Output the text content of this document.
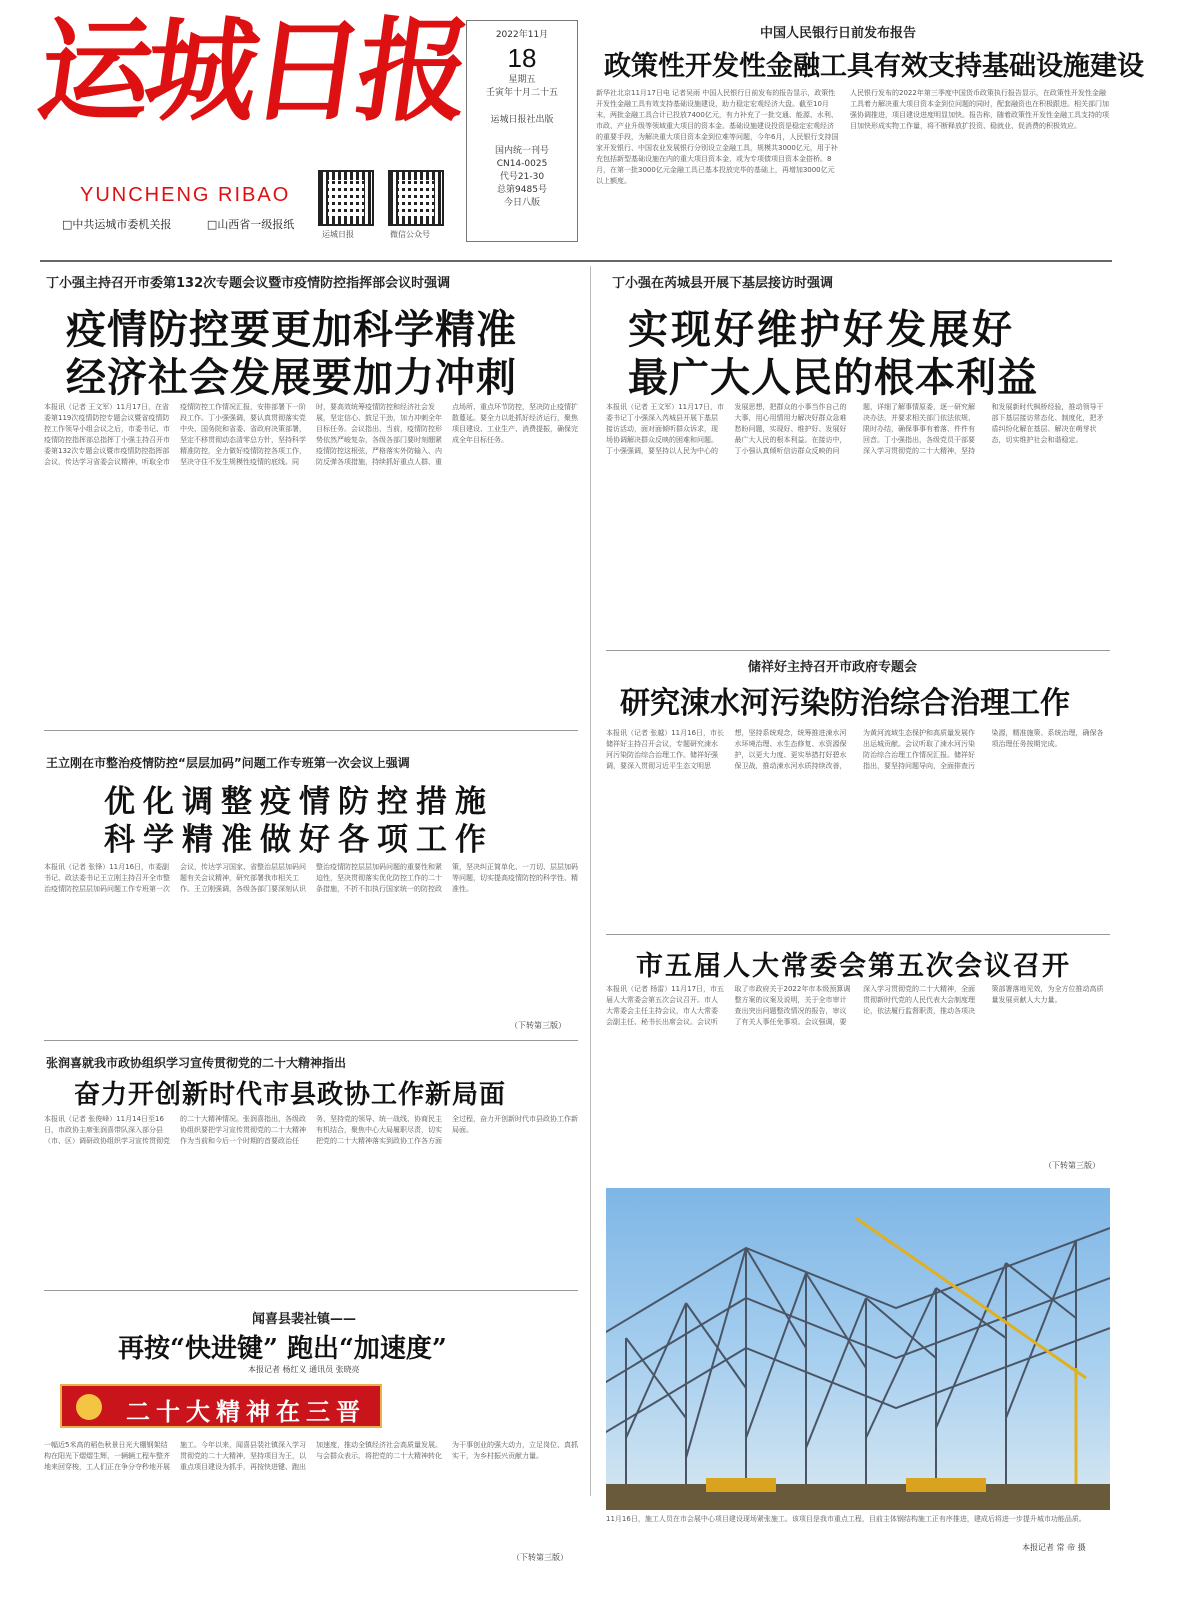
运城日报
YUNCHENG RIBAO
□中共运城市委机关报	□山西省一级报纸
运城日报	微信公众号
2022年11月
18
星期五
壬寅年十月二十五
运城日报社出版
国内统一刊号
CN14-0025
代号21-30
总第9485号
今日八版
中国人民银行日前发布报告
政策性开发性金融工具有效支持基础设施建设
新华社北京11月17日电 记者吴雨 中国人民银行日前发布的报告显示，政策性开发性金融工具有效支持基础设施建设，助力稳定宏观经济大盘。截至10月末，两批金融工具合计已投放7400亿元，有力补充了一批交通、能源、水利、市政、产业升级等领域重大项目的资本金。基础设施建设投资是稳定宏观经济的重要手段，为解决重大项目资本金到位难等问题，今年6月，人民银行支持国家开发银行、中国农业发展银行分别设立金融工具，规模共3000亿元，用于补充包括新型基础设施在内的重大项目资本金，或为专项债项目资本金搭桥。8月，在第一批3000亿元金融工具已基本投放完毕的基础上，再增加3000亿元以上额度。
人民银行发布的2022年第三季度中国货币政策执行报告显示，在政策性开发性金融工具着力解决重大项目资本金到位问题的同时，配套融资也在积极跟进。相关部门加强协调推进，项目建设进度明显加快。报告称，随着政策性开发性金融工具支持的项目加快形成实物工作量，将不断释放扩投资、稳就业、促消费的积极效应。
丁小强主持召开市委第132次专题会议暨市疫情防控指挥部会议时强调
疫情防控要更加科学精准
经济社会发展要加力冲刺
本报讯（记者 王文军）11月17日，在省委第119次疫情防控专题会议暨省疫情防控工作领导小组会议之后，市委书记、市疫情防控指挥部总指挥丁小强主持召开市委第132次专题会议暨市疫情防控指挥部会议，传达学习省委会议精神，听取全市疫情防控工作情况汇报，安排部署下一阶段工作。丁小强强调，要认真贯彻落实党中央、国务院和省委、省政府决策部署，坚定不移贯彻动态清零总方针，坚持科学精准防控，全力做好疫情防控各项工作，坚决守住不发生规模性疫情的底线。同时，要高效统筹疫情防控和经济社会发展，坚定信心、鼓足干劲，加力冲刺全年目标任务。会议指出，当前，疫情防控形势依然严峻复杂，各级各部门要时刻绷紧疫情防控这根弦，严格落实外防输入、内防反弹各项措施，持续抓好重点人群、重点场所、重点环节防控，坚决防止疫情扩散蔓延。要全力以赴抓好经济运行，聚焦项目建设、工业生产、消费提振，确保完成全年目标任务。
丁小强在芮城县开展下基层接访时强调
实现好维护好发展好
最广大人民的根本利益
本报讯（记者 王文军）11月17日，市委书记丁小强深入芮城县开展下基层接访活动，面对面倾听群众诉求，现场协调解决群众反映的困难和问题。丁小强强调，要坚持以人民为中心的发展思想，把群众的小事当作自己的大事，用心用情用力解决好群众急难愁盼问题，实现好、维护好、发展好最广大人民的根本利益。在接访中，丁小强认真倾听信访群众反映的问题，详细了解事情原委，逐一研究解决办法，并要求相关部门依法依规、限时办结，确保事事有着落、件件有回音。丁小强指出，各级党员干部要深入学习贯彻党的二十大精神，坚持和发展新时代枫桥经验，推动领导干部下基层接访常态化、制度化，把矛盾纠纷化解在基层、解决在萌芽状态，切实维护社会和谐稳定。
王立刚在市整治疫情防控“层层加码”问题工作专班第一次会议上强调
优化调整疫情防控措施
科学精准做好各项工作
本报讯（记者 张锋）11月16日，市委副书记、政法委书记王立刚主持召开全市整治疫情防控层层加码问题工作专班第一次会议，传达学习国家、省整治层层加码问题有关会议精神，研究部署我市相关工作。王立刚强调，各级各部门要深刻认识整治疫情防控层层加码问题的重要性和紧迫性，坚决贯彻落实优化防控工作的二十条措施，不折不扣执行国家统一的防控政策，坚决纠正简单化、一刀切、层层加码等问题，切实提高疫情防控的科学性、精准性。
（下转第三版）
储祥好主持召开市政府专题会
研究涑水河污染防治综合治理工作
本报讯（记者 张越）11月16日，市长储祥好主持召开会议，专题研究涑水河污染防治综合治理工作。储祥好强调，要深入贯彻习近平生态文明思想，坚持系统观念，统筹推进涑水河水环境治理、水生态修复、水资源保护，以更大力度、更实举措打好碧水保卫战，推动涑水河水质持续改善，为黄河流域生态保护和高质量发展作出运城贡献。会议听取了涑水河污染防治综合治理工作情况汇报。储祥好指出，要坚持问题导向，全面排查污染源，精准施策、系统治理，确保各项治理任务按期完成。
市五届人大常委会第五次会议召开
本报讯（记者 杨雷）11月17日，市五届人大常委会第五次会议召开。市人大常委会主任主持会议，市人大常委会副主任、秘书长出席会议。会议听取了市政府关于2022年市本级预算调整方案的议案及说明，关于全市审计查出突出问题整改情况的报告，审议了有关人事任免事项。会议强调，要深入学习贯彻党的二十大精神，全面贯彻新时代党的人民代表大会制度理论，依法履行监督职责，推动各项决策部署落地见效，为全方位推动高质量发展贡献人大力量。
（下转第三版）
张润喜就我市政协组织学习宣传贯彻党的二十大精神指出
奋力开创新时代市县政协工作新局面
本报讯（记者 张俊峰）11月14日至16日，市政协主席张润喜带队深入部分县（市、区）调研政协组织学习宣传贯彻党的二十大精神情况。张润喜指出，各级政协组织要把学习宣传贯彻党的二十大精神作为当前和今后一个时期的首要政治任务，坚持党的领导、统一战线、协商民主有机结合，聚焦中心大局履职尽责，切实把党的二十大精神落实到政协工作各方面全过程，奋力开创新时代市县政协工作新局面。
闻喜县裴社镇——
再按“快进键” 跑出“加速度”
本报记者 杨红义 通讯员 张晓亮
二十大精神在三晋
一幅近5米高的稻色秋景日光大棚钢架结构在阳光下熠熠生辉，一辆辆工程车整齐地来回穿梭，工人们正在争分夺秒地开展施工。今年以来，闻喜县裴社镇深入学习贯彻党的二十大精神，坚持项目为王，以重点项目建设为抓手，再按快进键、跑出加速度，推动全镇经济社会高质量发展。与会群众表示，将把党的二十大精神转化为干事创业的强大动力，立足岗位、真抓实干，为乡村振兴贡献力量。
（下转第三版）
11月16日，施工人员在市会展中心项目建设现场紧张施工。该项目是我市重点工程，目前主体钢结构施工正有序推进，建成后将进一步提升城市功能品质。
本报记者 常 帝 摄
